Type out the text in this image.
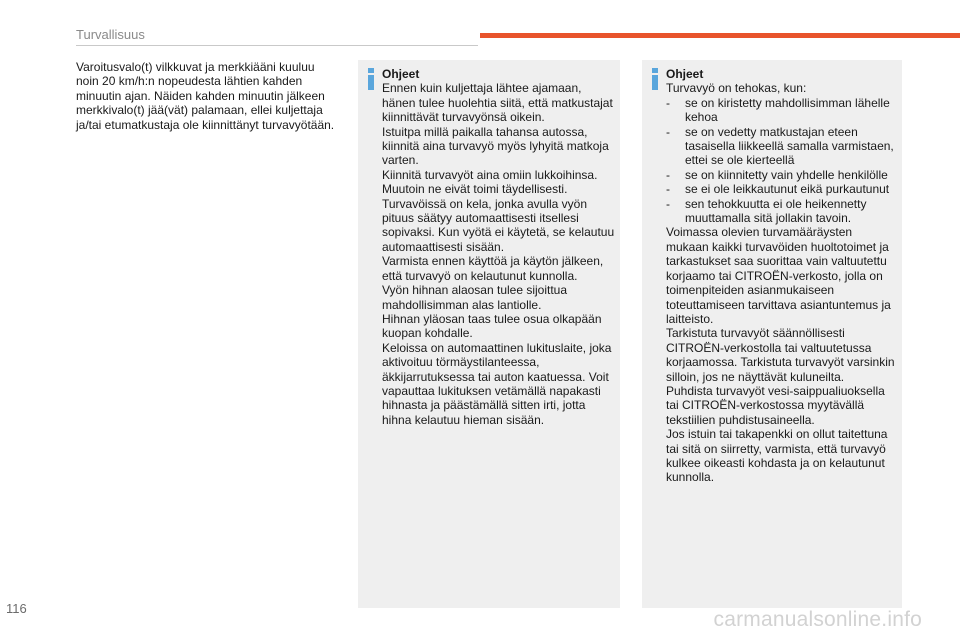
Turvallisuus
Varoitusvalo(t) vilkkuvat ja merkkiääni kuuluu noin 20 km/h:n nopeudesta lähtien kahden minuutin ajan. Näiden kahden minuutin jälkeen merkkivalo(t) jää(vät) palamaan, ellei kuljettaja ja/tai etumatkustaja ole kiinnittänyt turvavyötään.
Ohjeet
Ennen kuin kuljettaja lähtee ajamaan, hänen tulee huolehtia siitä, että matkustajat kiinnittävät turvavyönsä oikein.
Istuitpa millä paikalla tahansa autossa, kiinnitä aina turvavyö myös lyhyitä matkoja varten.
Kiinnitä turvavyöt aina omiin lukkoihinsa. Muutoin ne eivät toimi täydellisesti.
Turvavöissä on kela, jonka avulla vyön pituus säätyy automaattisesti itsellesi sopivaksi. Kun vyötä ei käytetä, se kelautuu automaattisesti sisään.
Varmista ennen käyttöä ja käytön jälkeen, että turvavyö on kelautunut kunnolla.
Vyön hihnan alaosan tulee sijoittua mahdollisimman alas lantiolle.
Hihnan yläosan taas tulee osua olkapään kuopan kohdalle.
Keloissa on automaattinen lukituslaite, joka aktivoituu törmäystilanteessa, äkkijarrutuksessa tai auton kaatuessa. Voit vapauttaa lukituksen vetämällä napakasti hihnasta ja päästämällä sitten irti, jotta hihna kelautuu hieman sisään.
Ohjeet
Turvavyö on tehokas, kun:
-	se on kiristetty mahdollisimman lähelle kehoa
-	se on vedetty matkustajan eteen tasaisella liikkeellä samalla varmistaen, ettei se ole kierteellä
-	se on kiinnitetty vain yhdelle henkilölle
-	se ei ole leikkautunut eikä purkautunut
-	sen tehokkuutta ei ole heikennetty muuttamalla sitä jollakin tavoin.
Voimassa olevien turvamääräysten mukaan kaikki turvavöiden huoltotoimet ja tarkastukset saa suorittaa vain valtuutettu korjaamo tai CITROËN-verkosto, jolla on toimenpiteiden asianmukaiseen toteuttamiseen tarvittava asiantuntemus ja laitteisto.
Tarkistuta turvavyöt säännöllisesti CITROËN-verkostolla tai valtuutetussa korjaamossa. Tarkistuta turvavyöt varsinkin silloin, jos ne näyttävät kuluneilta.
Puhdista turvavyöt vesi-saippualiuoksella tai CITROËN-verkostossa myytävällä tekstiilien puhdistusaineella.
Jos istuin tai takapenkki on ollut taitettuna tai sitä on siirretty, varmista, että turvavyö kulkee oikeasti kohdasta ja on kelautunut kunnolla.
116	carmanualsonline.info
